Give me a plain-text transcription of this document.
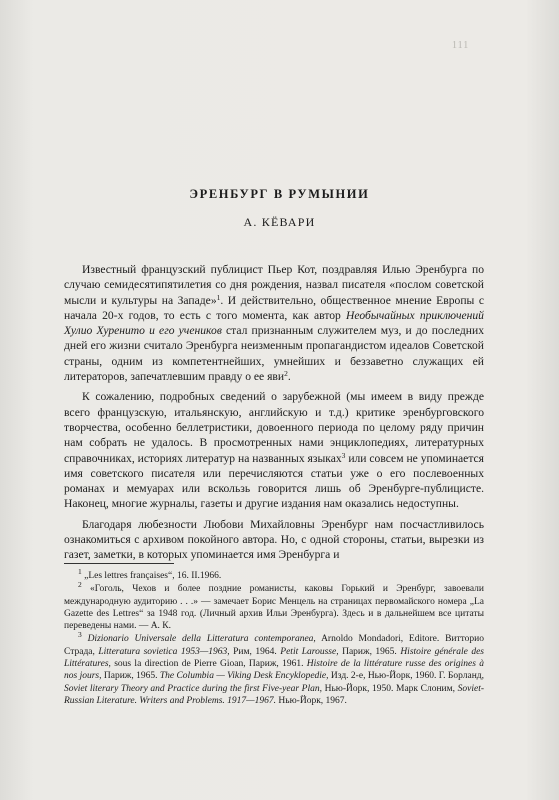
111
ЭРЕНБУРГ В РУМЫНИИ
А. КЁВАРИ

Известный французский публицист Пьер Кот, поздравляя Илью Эренбурга по случаю семидесятипятилетия со дня рождения, назвал писателя «послом советской мысли и культуры на Западе»$^1$. И действительно, общественное мнение Европы с начала 20-х годов, то есть с того момента, как автор Необычайных приключений Хулио Хуренито и его учеников стал признанным служителем муз, и до последних дней его жизни считало Эренбурга неизменным пропагандистом идеалов Советской страны, одним из компетентнейших, умнейших и беззаветно служащих ей литераторов, запечатлевшим правду о ее яви$^2$.

К сожалению, подробных сведений о зарубежной (мы имеем в виду прежде всего французскую, итальянскую, английскую и т.д.) критике эренбурговского творчества, особенно беллетристики, довоенного периода по целому ряду причин нам собрать не удалось. В просмотренных нами энциклопедиях, литературных справочниках, историях литератур на названных языках$^3$ или совсем не упоминается имя советского писателя или перечисляются статьи уже о его послевоенных романах и мемуарах или вскользь говорится лишь об Эренбурге-публицисте. Наконец, многие журналы, газеты и другие издания нам оказались недоступны.

Благодаря любезности Любови Михайловны Эренбург нам посчастливилось ознакомиться с архивом покойного автора. Но, с одной стороны, статьи, вырезки из газет, заметки, в которых упоминается имя Эренбурга и

$^1$ „Les lettres françaises“, 16. II.1966.

$^2$ «Гоголь, Чехов и более поздние романисты, каковы Горький и Эренбург, завоевали международную аудиторию . . .» — замечает Борис Менцель на страницах первомайского номера „La Gazette des Lettres“ за 1948 год. (Личный архив Ильи Эренбурга). Здесь и в дальнейшем все цитаты переведены нами. — А. К.

$^3$ Dizionario Universale della Litteratura contemporanea, Arnoldo Mondadori, Editore. Витторио Страда, Litteratura sovietica 1953—1963, Рим, 1964. Petit Larousse, Париж, 1965. Histoire générale des Littératures, sous la direction de Pierre Gioan, Париж, 1961. Histoire de la littérature russe des origines à nos jours, Париж, 1965. The Columbia — Viking Desk Encyklopedie, Изд. 2-е, Нью-Йорк, 1960. Г. Борланд, Soviet literary Theory and Practice during the first Five-year Plan, Нью-Йорк, 1950. Марк Слоним, Soviet-Russian Literature. Writers and Problems. 1917—1967. Нью-Йорк, 1967.
